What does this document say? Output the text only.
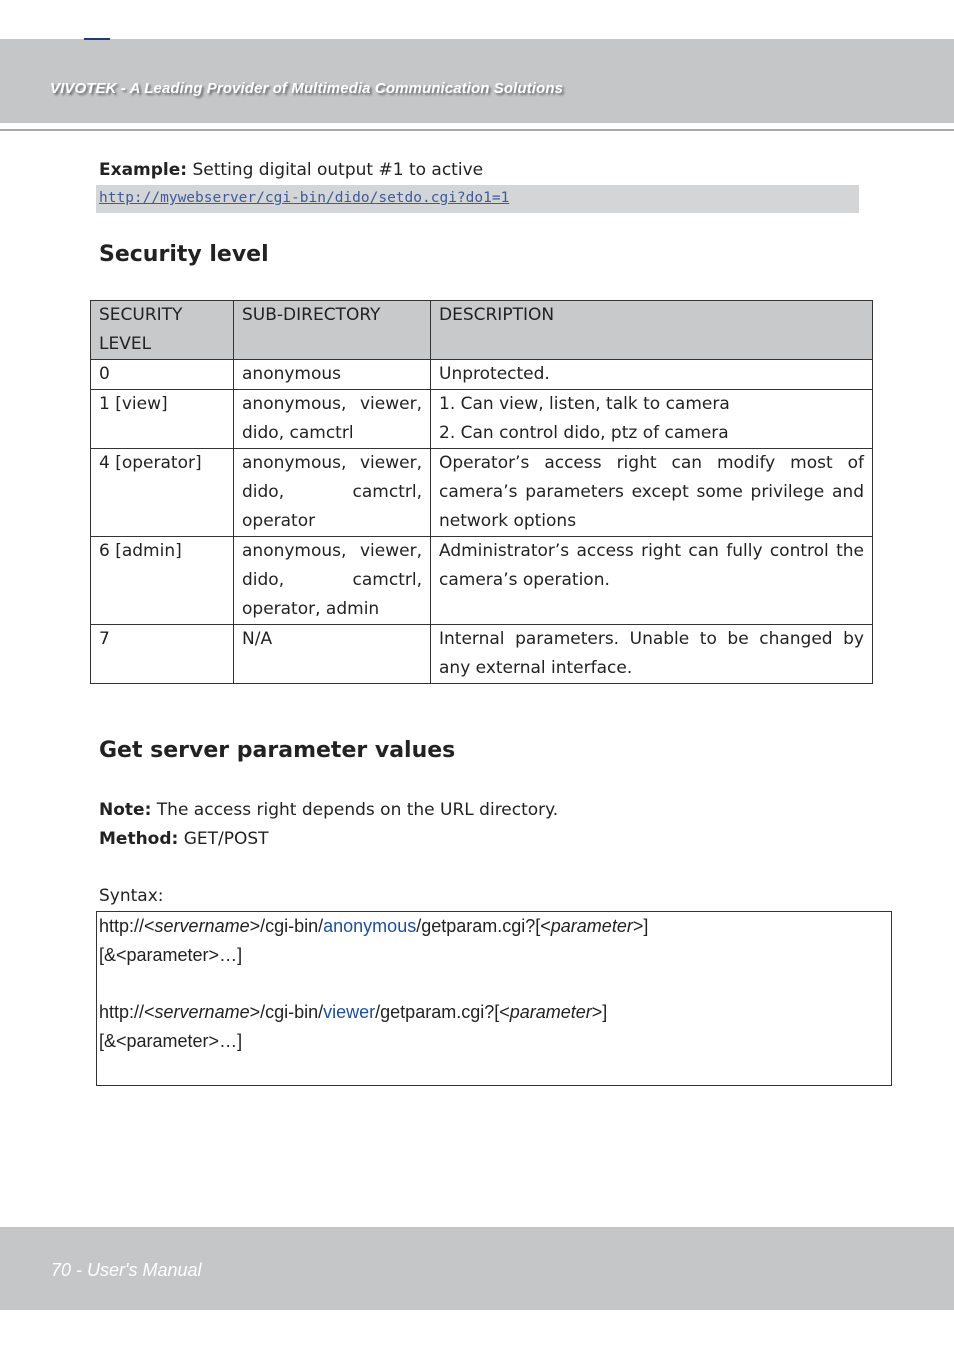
VIVOTEK - A Leading Provider of Multimedia Communication Solutions
Example: Setting digital output #1 to active
http://mywebserver/cgi-bin/dido/setdo.cgi?do1=1
Security level
SECURITY
LEVEL	SUB-DIRECTORY	DESCRIPTION
0	anonymous	Unprotected.
1 [view]	anonymous, viewer, dido, camctrl	1. Can view, listen, talk to camera
2. Can control dido, ptz of camera
4 [operator]	anonymous, viewer, dido, camctrl, operator	Operator’s access right can modify most of camera’s parameters except some privilege and network options
6 [admin]	anonymous, viewer, dido, camctrl, operator, admin	Administrator’s access right can fully control the camera’s operation.
7	N/A	Internal parameters. Unable to be changed by any external interface.
Get server parameter values
Note: The access right depends on the URL directory.
Method: GET/POST
Syntax:
http://<servername>/cgi-bin/anonymous/getparam.cgi?[<parameter>]
[&<parameter>…]
http://<servername>/cgi-bin/viewer/getparam.cgi?[<parameter>]
[&<parameter>…]
70 - User's Manual
